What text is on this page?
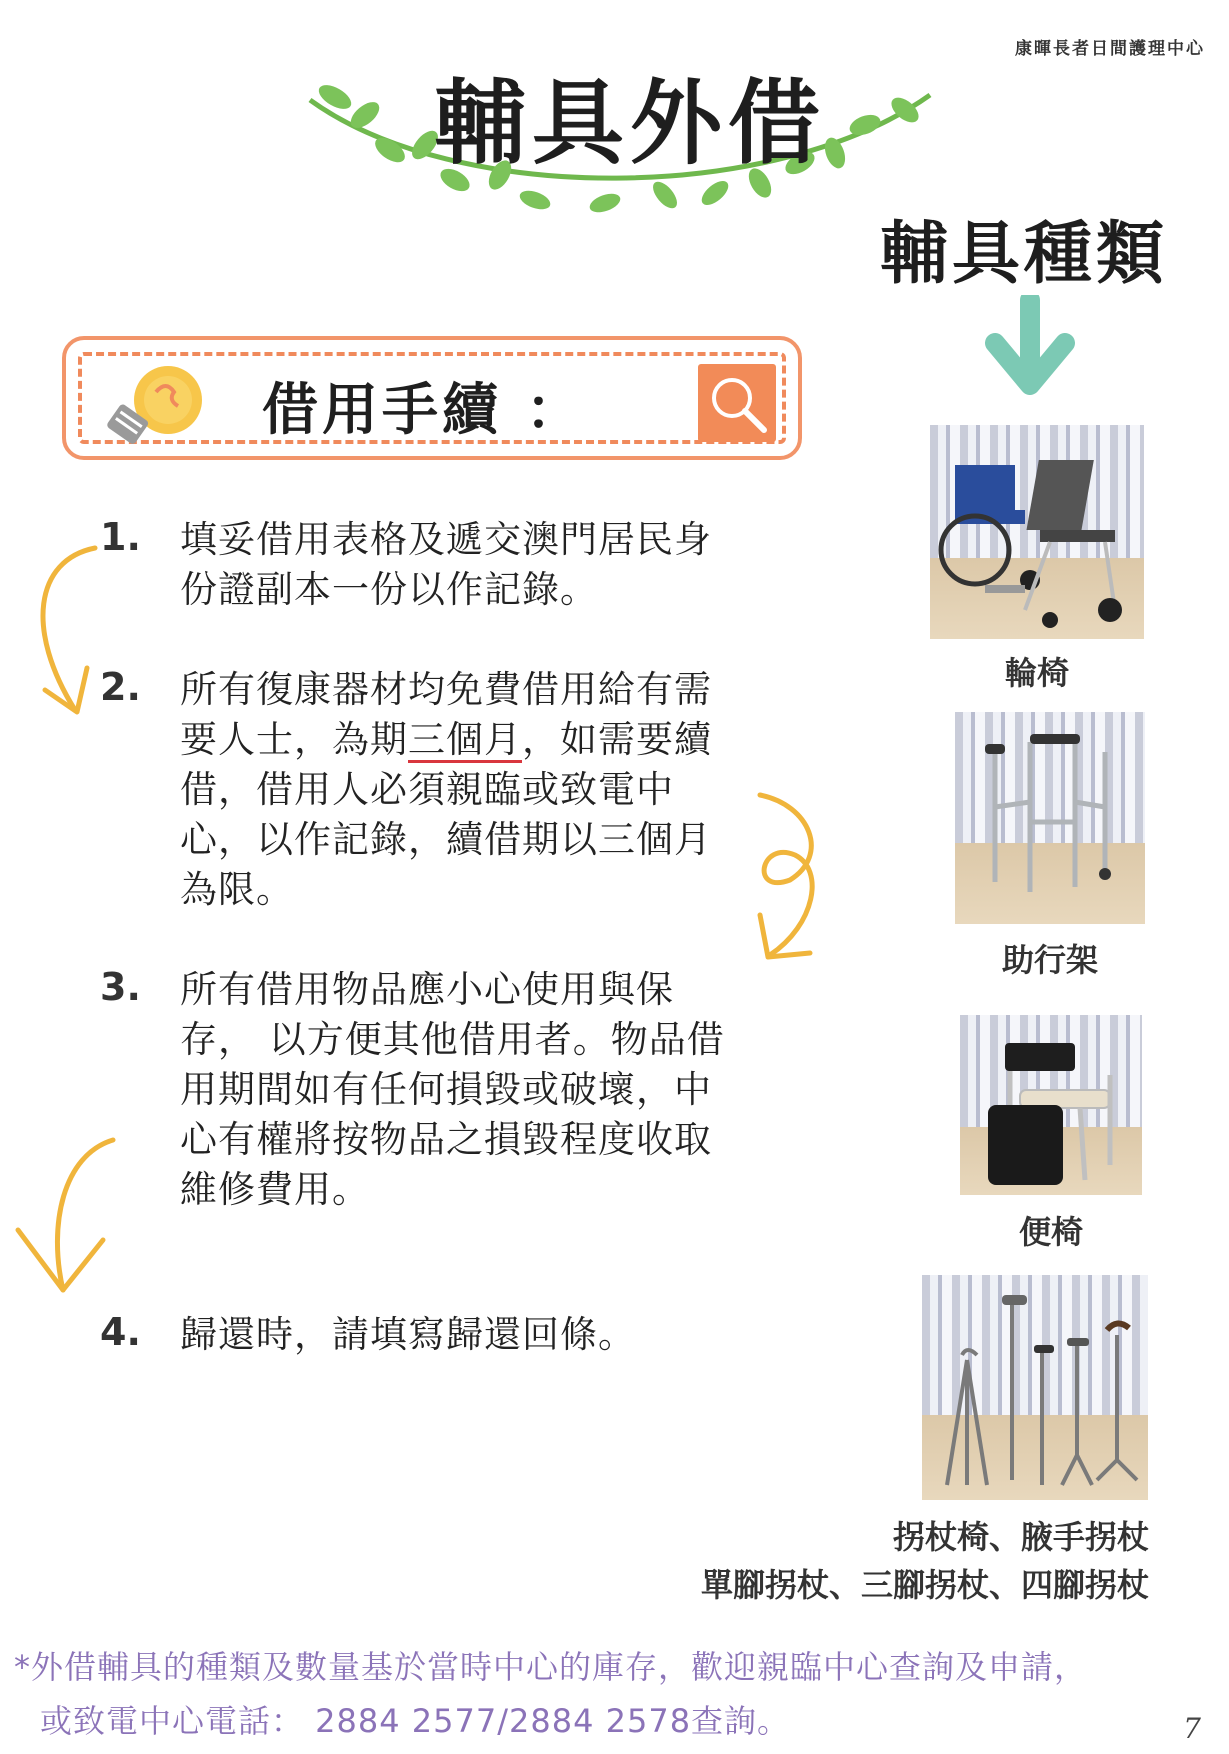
康暉長者日間護理中心
輔具外借
輔具種類
借用手續 ：
1. 填妥借用表格及遞交澳門居民身份證副本一份以作記錄。
2. 所有復康器材均免費借用給有需要人士，為期三個月，如需要續借，借用人必須親臨或致電中心，以作記錄，續借期以三個月為限。
3. 所有借用物品應小心使用與保存， 以方便其他借用者。物品借用期間如有任何損毀或破壞，中心有權將按物品之損毀程度收取維修費用。
4. 歸還時，請填寫歸還回條。
輪椅
助行架
便椅
拐杖椅、腋手拐杖
單腳拐杖、三腳拐杖、四腳拐杖
*外借輔具的種類及數量基於當時中心的庫存，歡迎親臨中心查詢及申請，
或致電中心電話： 2884 2577/2884 2578查詢。	7
